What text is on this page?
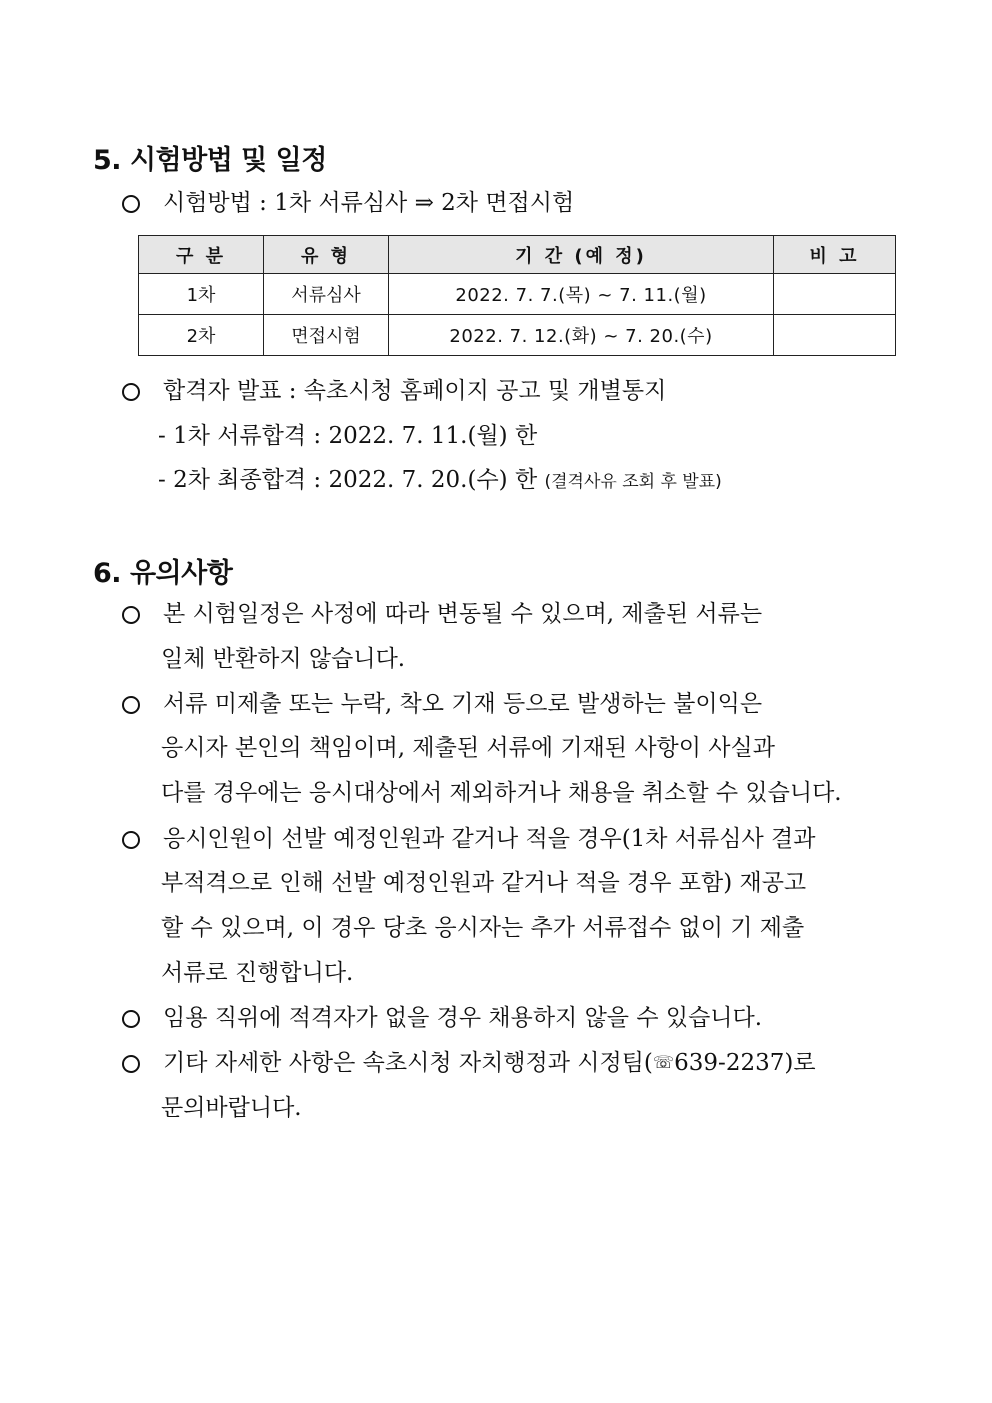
5. 시험방법 및 일정
시험방법 : 1차 서류심사 ⇒ 2차 면접시험
구 분	유 형	기 간 (예 정)	비 고
1차	서류심사	2022. 7. 7.(목) ~ 7. 11.(월)	
2차	면접시험	2022. 7. 12.(화) ~ 7. 20.(수)	
합격자 발표 : 속초시청 홈페이지 공고 및 개별통지
- 1차 서류합격 : 2022. 7. 11.(월) 한
- 2차 최종합격 : 2022. 7. 20.(수) 한 (결격사유 조회 후 발표)
6. 유의사항
본 시험일정은 사정에 따라 변동될 수 있으며, 제출된 서류는
일체 반환하지 않습니다.
서류 미제출 또는 누락, 착오 기재 등으로 발생하는 불이익은
응시자 본인의 책임이며, 제출된 서류에 기재된 사항이 사실과
다를 경우에는 응시대상에서 제외하거나 채용을 취소할 수 있습니다.
응시인원이 선발 예정인원과 같거나 적을 경우(1차 서류심사 결과
부적격으로 인해 선발 예정인원과 같거나 적을 경우 포함) 재공고
할 수 있으며, 이 경우 당초 응시자는 추가 서류접수 없이 기 제출
서류로 진행합니다.
임용 직위에 적격자가 없을 경우 채용하지 않을 수 있습니다.
기타 자세한 사항은 속초시청 자치행정과 시정팀( ☏ 639-2237)로
문의바랍니다.
